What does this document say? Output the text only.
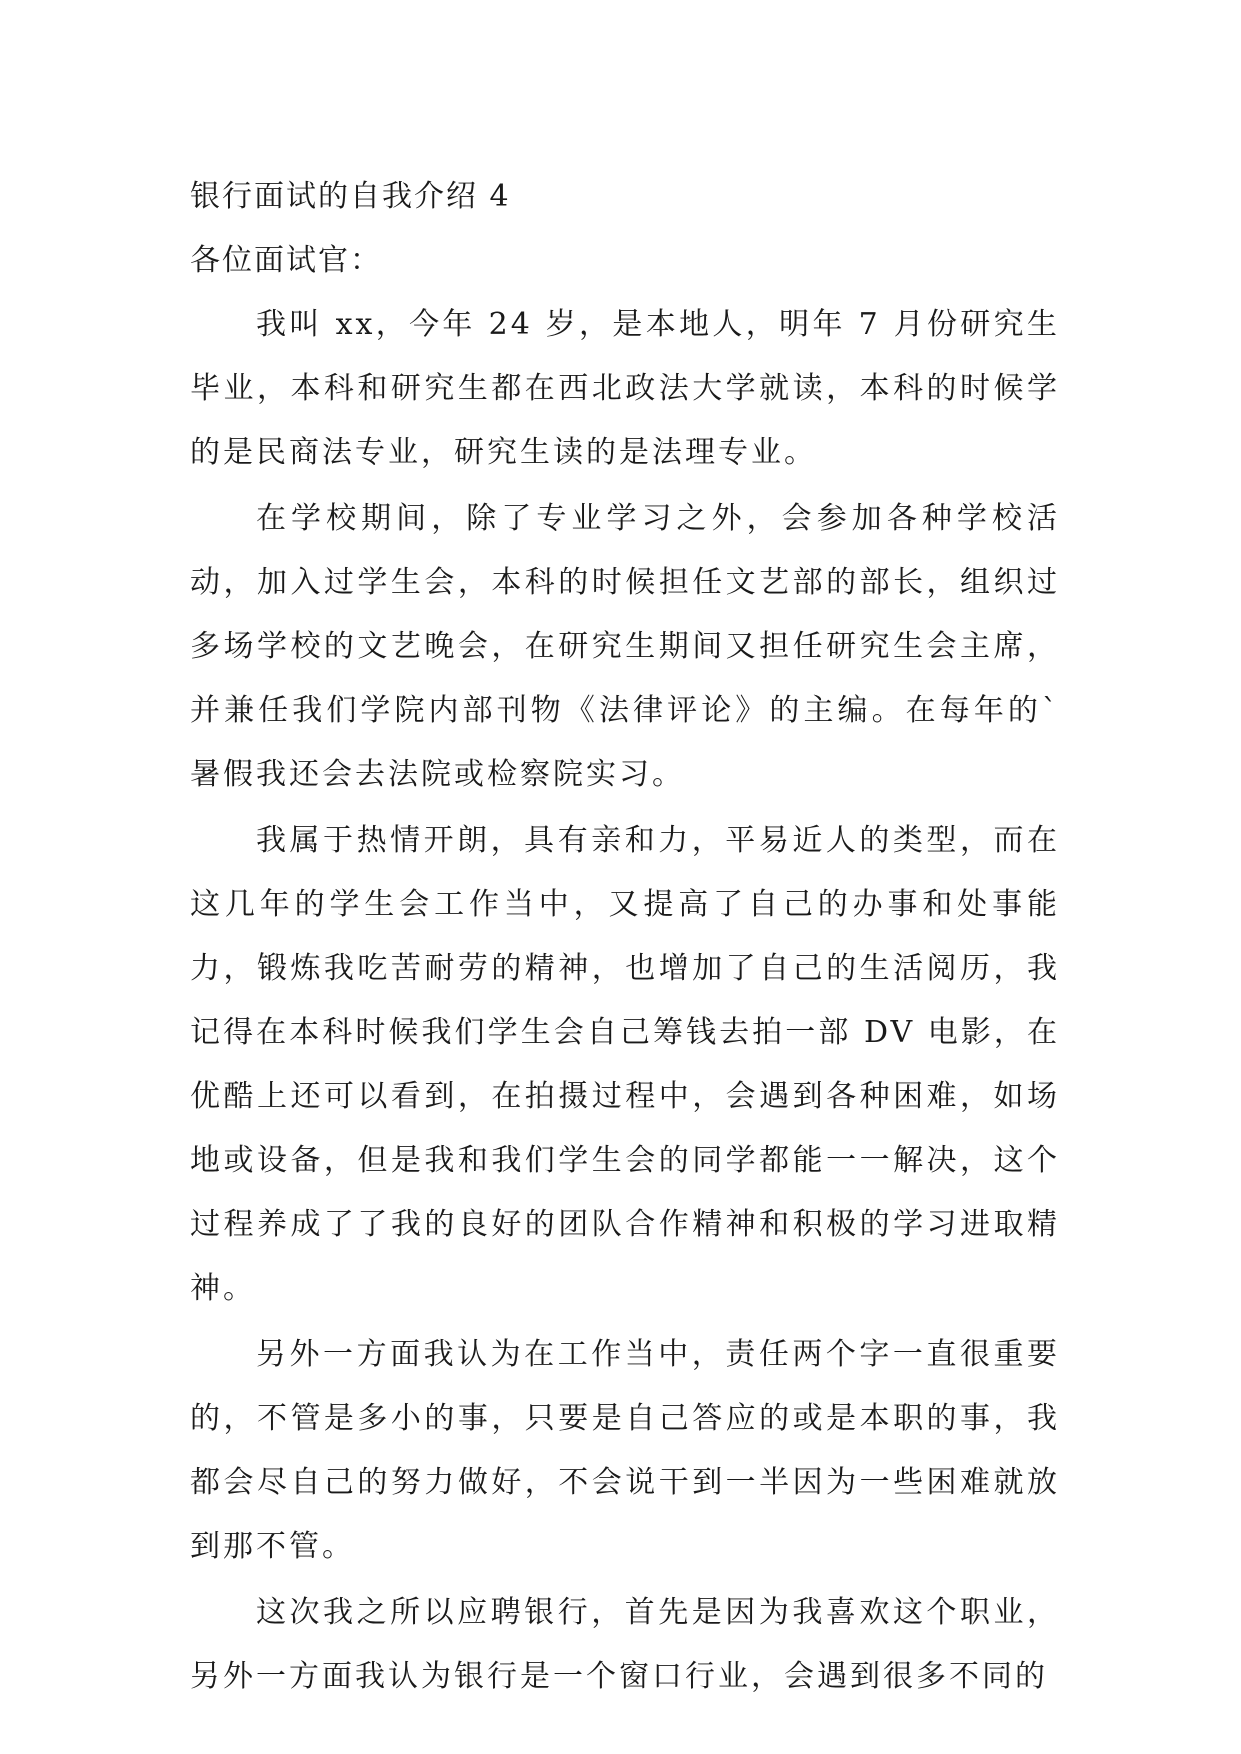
银行面试的自我介绍 4

各位面试官：

我叫 xx，今年 24 岁，是本地人，明年 7 月份研究生毕业，本科和研究生都在西北政法大学就读，本科的时候学的是民商法专业，研究生读的是法理专业。

在学校期间，除了专业学习之外，会参加各种学校活动，加入过学生会，本科的时候担任文艺部的部长，组织过多场学校的文艺晚会，在研究生期间又担任研究生会主席，并兼任我们学院内部刊物《法律评论》的主编。在每年的`暑假我还会去法院或检察院实习。

我属于热情开朗，具有亲和力，平易近人的类型，而在这几年的学生会工作当中，又提高了自己的办事和处事能力，锻炼我吃苦耐劳的精神，也增加了自己的生活阅历，我记得在本科时候我们学生会自己筹钱去拍一部 DV 电影，在优酷上还可以看到，在拍摄过程中，会遇到各种困难，如场地或设备，但是我和我们学生会的同学都能一一解决，这个过程养成了了我的良好的团队合作精神和积极的学习进取精神。

另外一方面我认为在工作当中，责任两个字一直很重要的，不管是多小的事，只要是自己答应的或是本职的事，我都会尽自己的努力做好，不会说干到一半因为一些困难就放到那不管。

这次我之所以应聘银行，首先是因为我喜欢这个职业，另外一方面我认为银行是一个窗口行业，会遇到很多不同的
